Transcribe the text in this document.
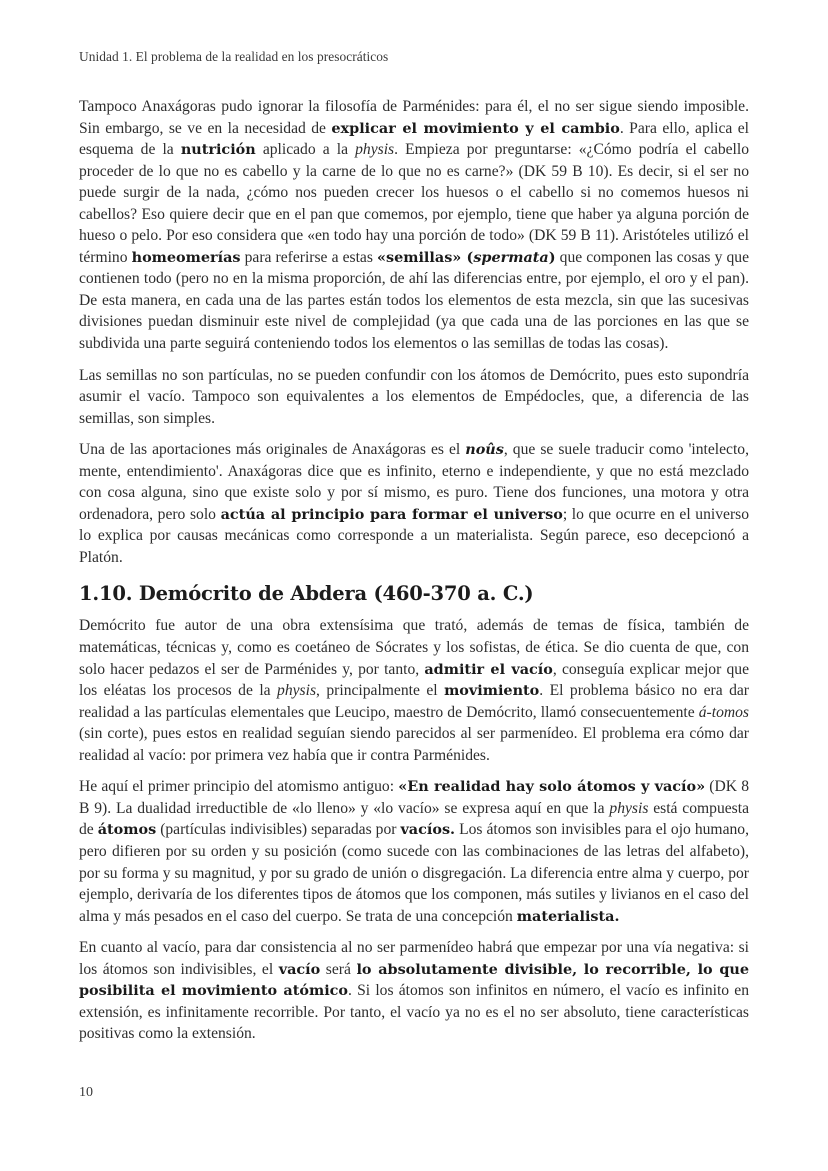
Unidad 1. El problema de la realidad en los presocráticos

Tampoco Anaxágoras pudo ignorar la filosofía de Parménides: para él, el no ser sigue siendo imposible. Sin embargo, se ve en la necesidad de explicar el movimiento y el cambio. Para ello, aplica el esquema de la nutrición aplicado a la physis. Empieza por preguntarse: «¿Cómo podría el cabello proceder de lo que no es cabello y la carne de lo que no es carne?» (DK 59 B 10). Es decir, si el ser no puede surgir de la nada, ¿cómo nos pueden crecer los huesos o el cabello si no comemos huesos ni cabellos? Eso quiere decir que en el pan que comemos, por ejemplo, tiene que haber ya alguna porción de hueso o pelo. Por eso considera que «en todo hay una porción de todo» (DK 59 B 11). Aristóteles utilizó el término homeomerías para referirse a estas «semillas» (spermata) que componen las cosas y que contienen todo (pero no en la misma proporción, de ahí las diferencias entre, por ejemplo, el oro y el pan). De esta manera, en cada una de las partes están todos los elementos de esta mezcla, sin que las sucesivas divisiones puedan disminuir este nivel de complejidad (ya que cada una de las porciones en las que se subdivida una parte seguirá conteniendo todos los elementos o las semillas de todas las cosas).

Las semillas no son partículas, no se pueden confundir con los átomos de Demócrito, pues esto supondría asumir el vacío. Tampoco son equivalentes a los elementos de Empédocles, que, a diferencia de las semillas, son simples.

Una de las aportaciones más originales de Anaxágoras es el noûs, que se suele traducir como 'intelecto, mente, entendimiento'. Anaxágoras dice que es infinito, eterno e independiente, y que no está mezclado con cosa alguna, sino que existe solo y por sí mismo, es puro. Tiene dos funciones, una motora y otra ordenadora, pero solo actúa al principio para formar el universo; lo que ocurre en el universo lo explica por causas mecánicas como corresponde a un materialista. Según parece, eso decepcionó a Platón.

1.10. Demócrito de Abdera (460-370 a. C.)

Demócrito fue autor de una obra extensísima que trató, además de temas de física, también de matemáticas, técnicas y, como es coetáneo de Sócrates y los sofistas, de ética. Se dio cuenta de que, con solo hacer pedazos el ser de Parménides y, por tanto, admitir el vacío, conseguía explicar mejor que los eléatas los procesos de la physis, principalmente el movimiento. El problema básico no era dar realidad a las partículas elementales que Leucipo, maestro de Demócrito, llamó consecuentemente á-tomos (sin corte), pues estos en realidad seguían siendo parecidos al ser parmenídeo. El problema era cómo dar realidad al vacío: por primera vez había que ir contra Parménides.

He aquí el primer principio del atomismo antiguo: «En realidad hay solo átomos y vacío» (DK 8 B 9). La dualidad irreductible de «lo lleno» y «lo vacío» se expresa aquí en que la physis está compuesta de átomos (partículas indivisibles) separadas por vacíos. Los átomos son invisibles para el ojo humano, pero difieren por su orden y su posición (como sucede con las combinaciones de las letras del alfabeto), por su forma y su magnitud, y por su grado de unión o disgregación. La diferencia entre alma y cuerpo, por ejemplo, derivaría de los diferentes tipos de átomos que los componen, más sutiles y livianos en el caso del alma y más pesados en el caso del cuerpo. Se trata de una concepción materialista.

En cuanto al vacío, para dar consistencia al no ser parmenídeo habrá que empezar por una vía negativa: si los átomos son indivisibles, el vacío será lo absolutamente divisible, lo recorrible, lo que posibilita el movimiento atómico. Si los átomos son infinitos en número, el vacío es infinito en extensión, es infinitamente recorrible. Por tanto, el vacío ya no es el no ser absoluto, tiene características positivas como la extensión.

10
